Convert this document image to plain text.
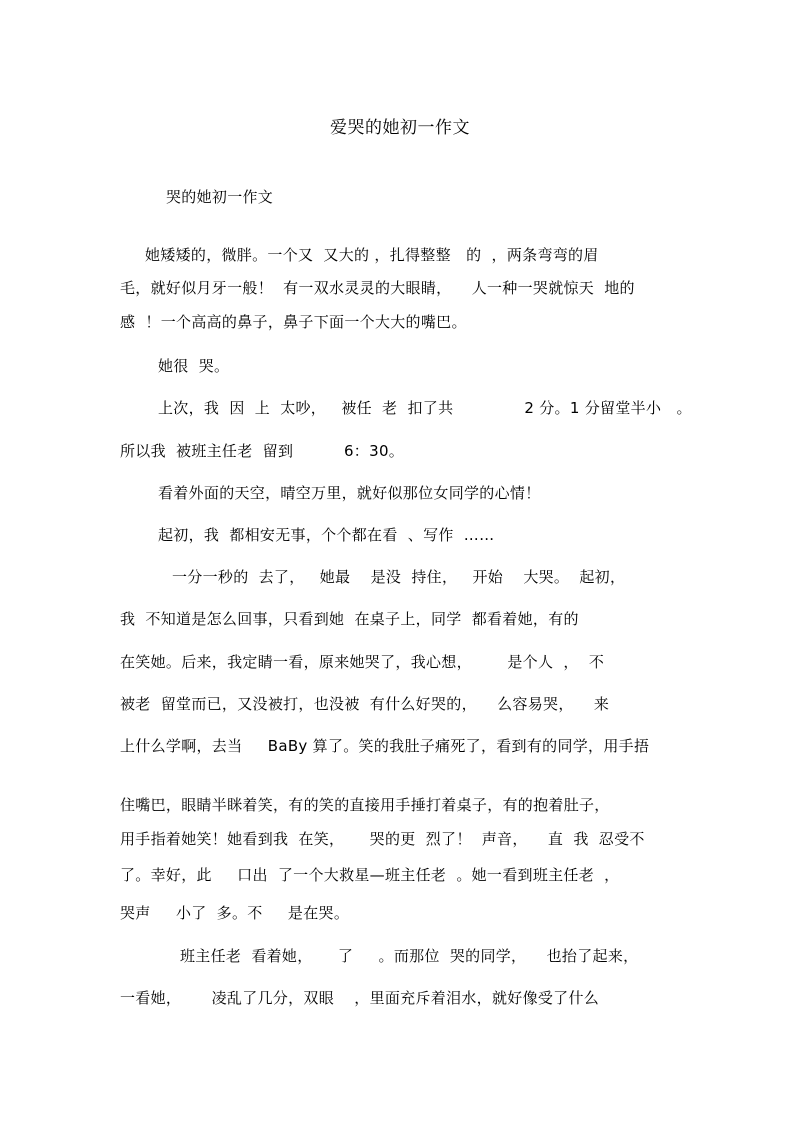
爱哭的她初一作文
哭的她初一作文
她矮矮的，微胖。一个又  又大的 ，扎得整整   的  ，两条弯弯的眉
毛，就好似月牙一般！  有一双水灵灵的大眼睛，    人一种一哭就惊天  地的
感  ！一个高高的鼻子，鼻子下面一个大大的嘴巴。
她很  哭。
上次，我  因  上  太吵，   被任  老  扣了共              2 分。1 分留堂半小   。
所以我  被班主任老  留到          6：30。
看着外面的天空，晴空万里，就好似那位女同学的心情！
起初，我  都相安无事，个个都在看  、写作  ……
一分一秒的  去了，   她最    是没  持住，   开始    大哭。  起初，
我  不知道是怎么回事，只看到她  在桌子上，同学  都看着她，有的
在笑她。后来，我定睛一看，原来她哭了，我心想，       是个人  ，  不
被老  留堂而已，又没被打，也没被  有什么好哭的，    么容易哭，    来
上什么学啊，去当     BaBy 算了。笑的我肚子痛死了，看到有的同学，用手捂
住嘴巴，眼睛半眯着笑，有的笑的直接用手捶打着桌子，有的抱着肚子，
用手指着她笑！她看到我  在笑，     哭的更  烈了！  声音，    直  我  忍受不
了。幸好，此     口出  了一个大救星—班主任老  。她一看到班主任老  ，
哭声     小了  多。不     是在哭。
班主任老  看着她，     了     。而那位  哭的同学，    也抬了起来，
一看她，      凌乱了几分，双眼    ，里面充斥着泪水，就好像受了什么
